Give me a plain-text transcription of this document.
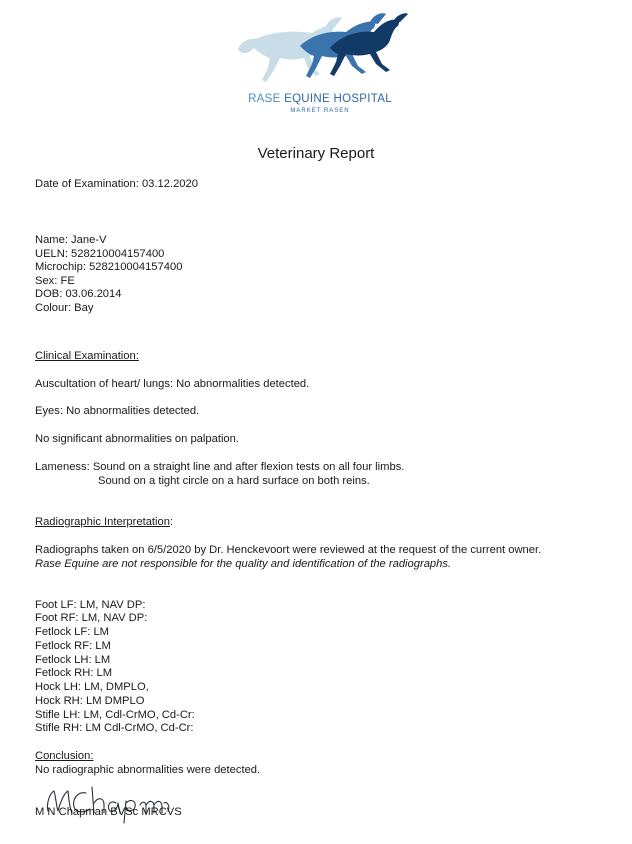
RASE EQUINE HOSPITAL
MARKET RASEN
Veterinary Report
Date of Examination: 03.12.2020
Name: Jane-V
UELN: 528210004157400
Microchip: 528210004157400
Sex: FE
DOB: 03.06.2014
Colour: Bay
Clinical Examination:
Auscultation of heart/ lungs: No abnormalities detected.
Eyes: No abnormalities detected.
No significant abnormalities on palpation.
Lameness: Sound on a straight line and after flexion tests on all four limbs.
Sound on a tight circle on a hard surface on both reins.
Radiographic Interpretation:
Radiographs taken on 6/5/2020 by Dr. Henckevoort were reviewed at the request of the current owner.
Rase Equine are not responsible for the quality and identification of the radiographs.
Foot LF: LM, NAV DP:
Foot RF: LM, NAV DP:
Fetlock LF: LM
Fetlock RF: LM
Fetlock LH: LM
Fetlock RH: LM
Hock LH: LM, DMPLO,
Hock RH: LM DMPLO
Stifle LH: LM, Cdl-CrMO, Cd-Cr:
Stifle RH: LM Cdl-CrMO, Cd-Cr:
Conclusion:
No radiographic abnormalities were detected.
M N Chapman BVSc MRCVS
